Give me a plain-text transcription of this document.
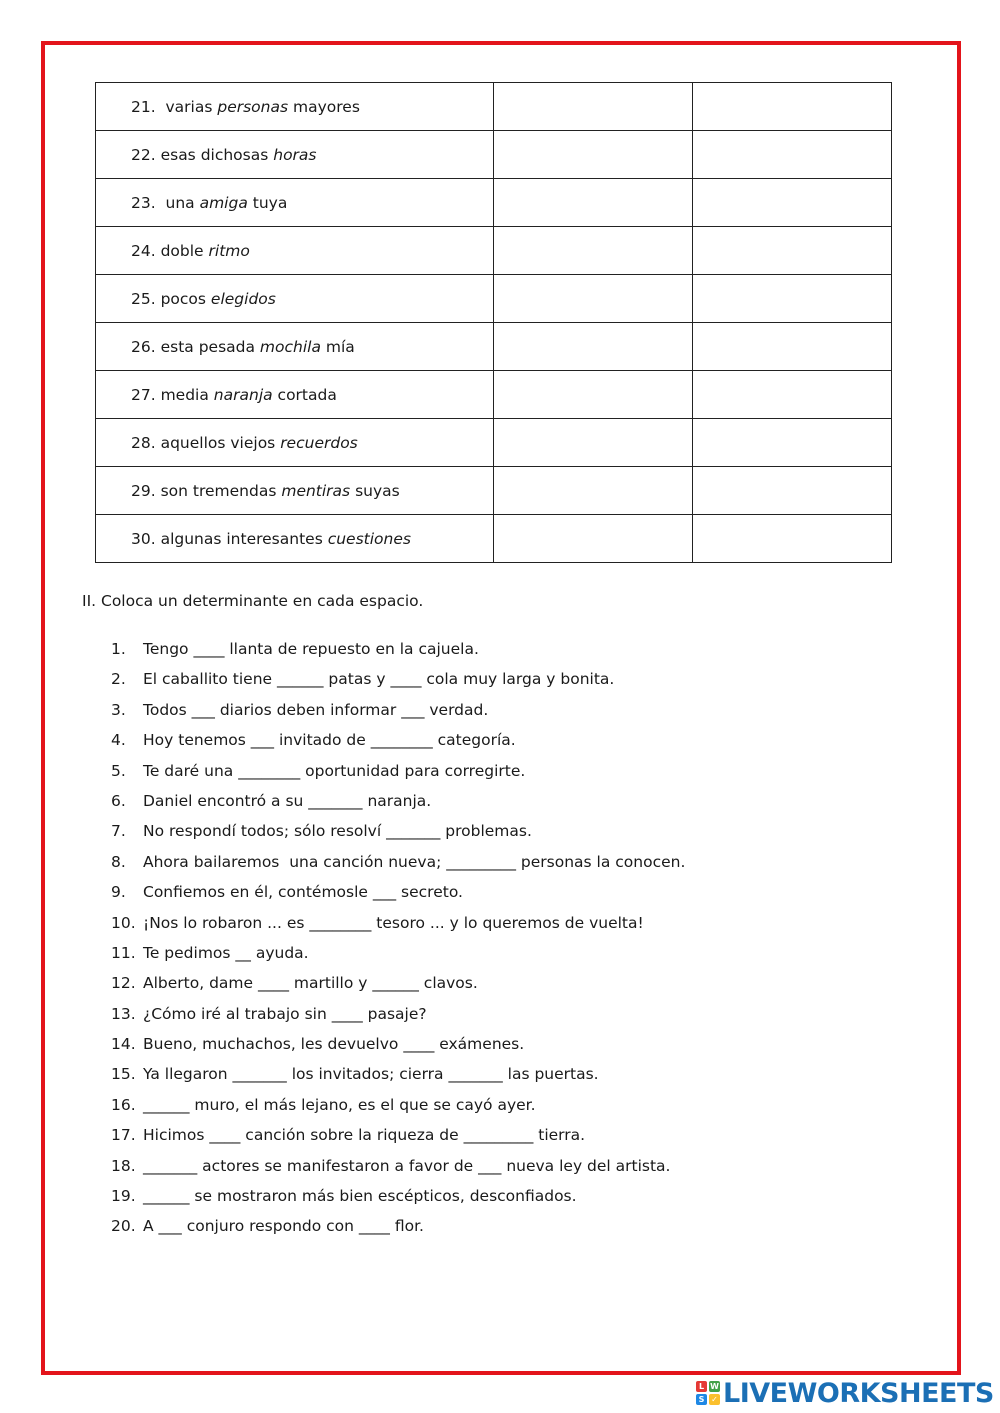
21.  varias personas mayores		
22. esas dichosas horas		
23.  una amiga tuya		
24. doble ritmo		
25. pocos elegidos		
26. esta pesada mochila mía		
27. media naranja cortada		
28. aquellos viejos recuerdos		
29. son tremendas mentiras suyas		
30. algunas interesantes cuestiones		
II. Coloca un determinante en cada espacio.
1.	Tengo ____ llanta de repuesto en la cajuela.
2.	El caballito tiene ______ patas y ____ cola muy larga y bonita.
3.	Todos ___ diarios deben informar ___ verdad.
4.	Hoy tenemos ___ invitado de ________ categoría.
5.	Te daré una ________ oportunidad para corregirte.
6.	Daniel encontró a su _______ naranja.
7.	No respondí todos; sólo resolví _______ problemas.
8.	Ahora bailaremos  una canción nueva; _________ personas la conocen.
9.	Confiemos en él, contémosle ___ secreto.
10. ¡Nos lo robaron ... es ________ tesoro ... y lo queremos de vuelta!
11. Te pedimos __ ayuda.
12. Alberto, dame ____ martillo y ______ clavos.
13. ¿Cómo iré al trabajo sin ____ pasaje?
14. Bueno, muchachos, les devuelvo ____ exámenes.
15. Ya llegaron _______ los invitados; cierra _______ las puertas.
16. ______ muro, el más lejano, es el que se cayó ayer.
17. Hicimos ____ canción sobre la riqueza de _________ tierra.
18. _______ actores se manifestaron a favor de ___ nueva ley del artista.
19. ______ se mostraron más bien escépticos, desconfiados.
20. A ___ conjuro respondo con ____ flor.
L W
S ✓ LIVEWORKSHEETS
